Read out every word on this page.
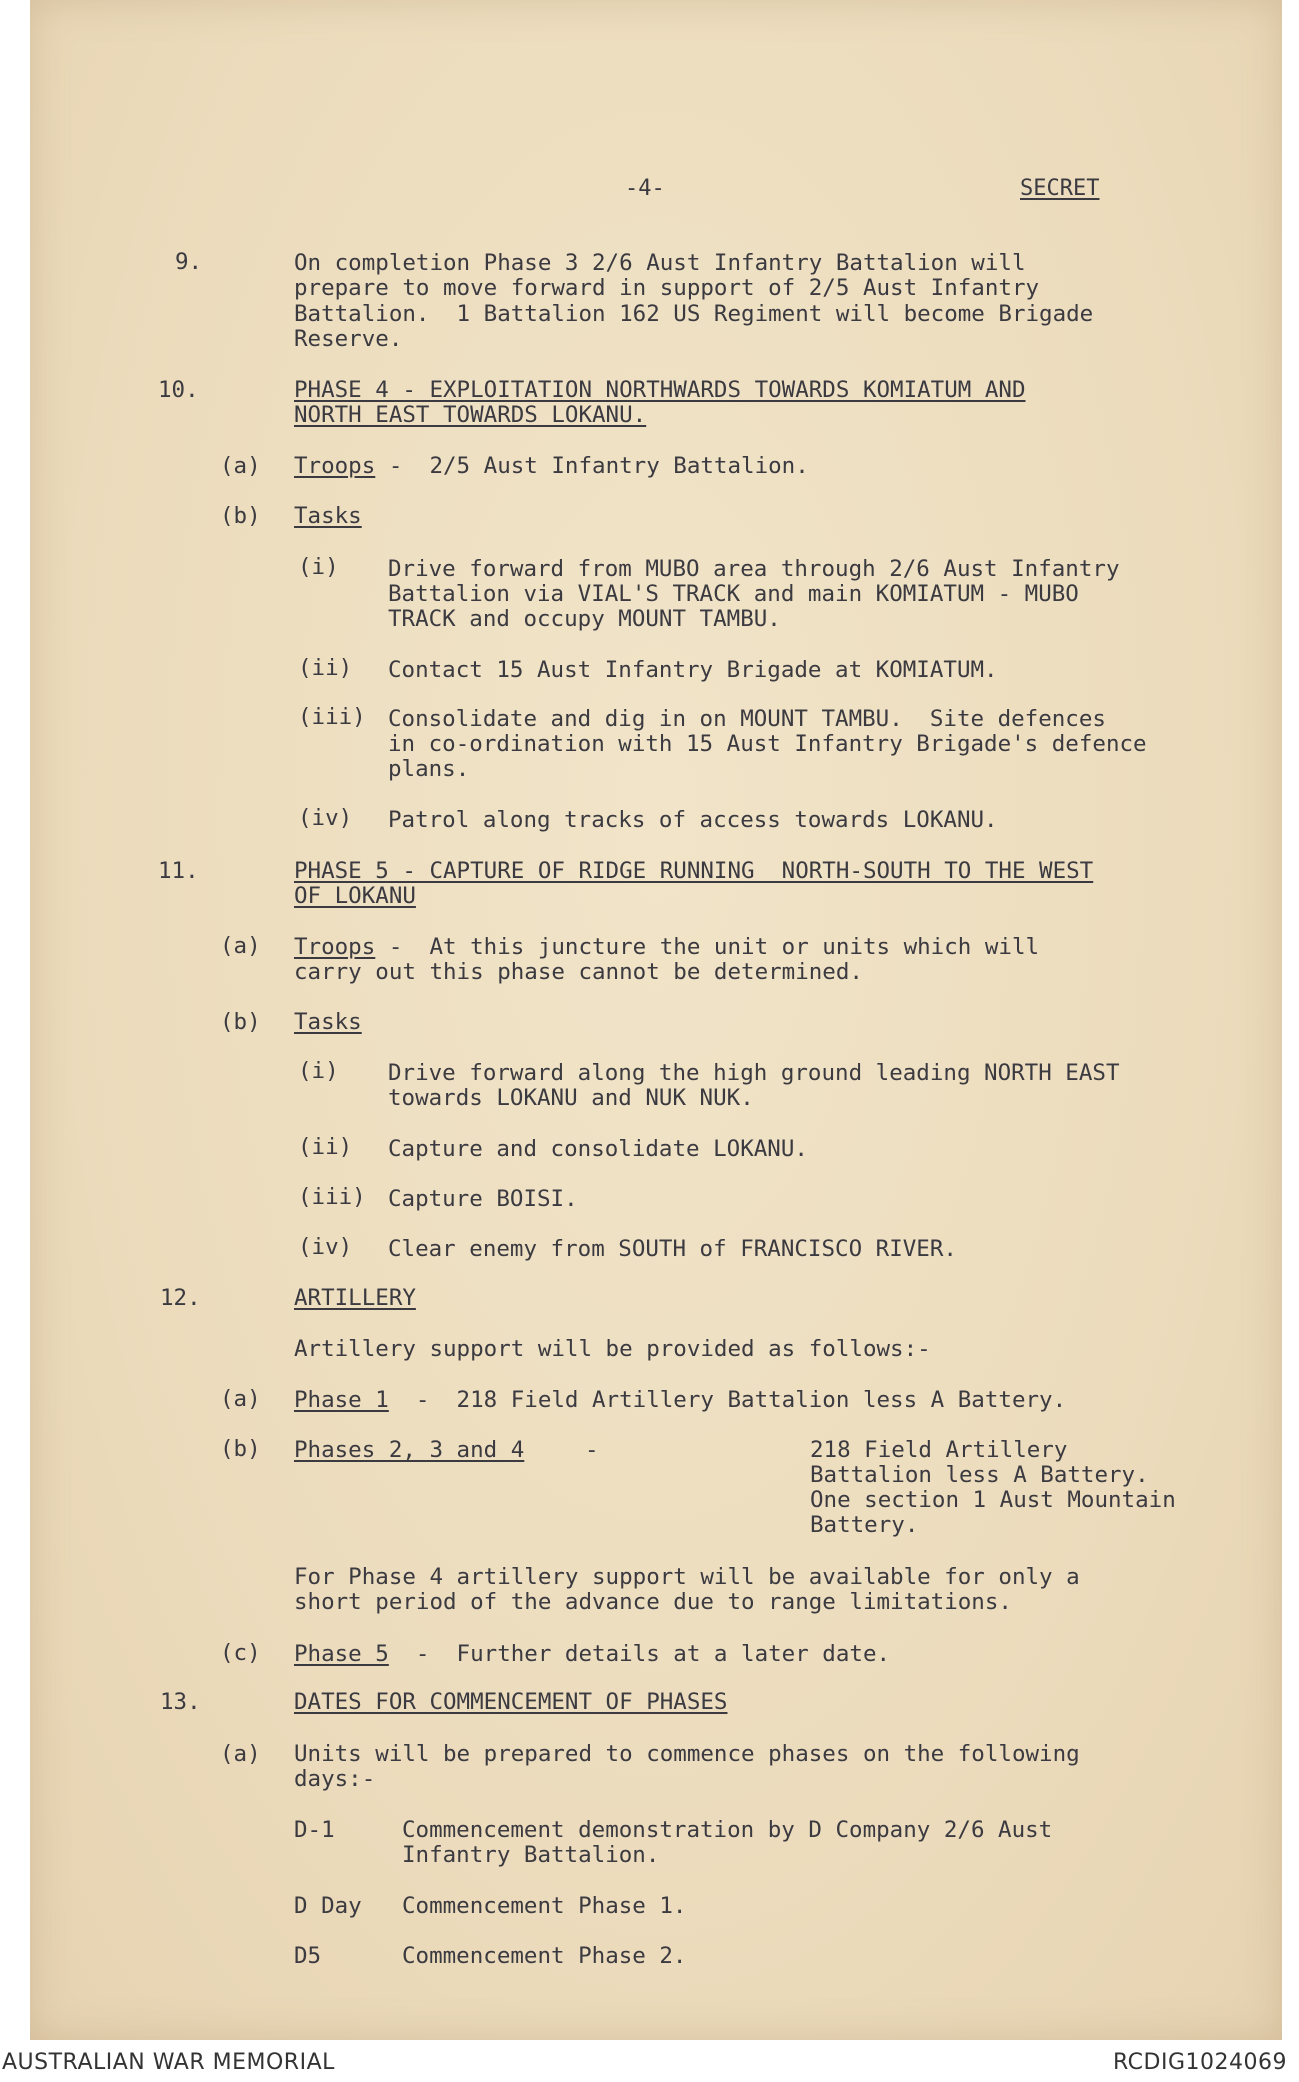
-4-	SECRET

9.	On completion Phase 3 2/6 Aust Infantry Battalion will

prepare to move forward in support of 2/5 Aust Infantry

Battalion.  1 Battalion 162 US Regiment will become Brigade

Reserve.

10.	PHASE 4 - EXPLOITATION NORTHWARDS TOWARDS KOMIATUM AND

NORTH EAST TOWARDS LOKANU.

(a) Troops -  2/5 Aust Infantry Battalion.

(b) Tasks

(i) Drive forward from MUBO area through 2/6 Aust Infantry

Battalion via VIAL'S TRACK and main KOMIATUM - MUBO

TRACK and occupy MOUNT TAMBU.

(ii) Contact 15 Aust Infantry Brigade at KOMIATUM.

(iii) Consolidate and dig in on MOUNT TAMBU.  Site defences

in co-ordination with 15 Aust Infantry Brigade's defence

plans.

(iv) Patrol along tracks of access towards LOKANU.

11.	PHASE 5 - CAPTURE OF RIDGE RUNNING  NORTH-SOUTH TO THE WEST

OF LOKANU

(a) Troops -  At this juncture the unit or units which will

carry out this phase cannot be determined.

(b) Tasks

(i) Drive forward along the high ground leading NORTH EAST

towards LOKANU and NUK NUK.

(ii) Capture and consolidate LOKANU.

(iii) Capture BOISI.

(iv) Clear enemy from SOUTH of FRANCISCO RIVER.

12.	ARTILLERY

Artillery support will be provided as follows:-

(a) Phase 1  -  218 Field Artillery Battalion less A Battery.

(b) Phases 2, 3 and 4	-	218 Field Artillery

Battalion less A Battery.

One section 1 Aust Mountain

Battery.

For Phase 4 artillery support will be available for only a

short period of the advance due to range limitations.

(c) Phase 5  -  Further details at a later date.

13.	DATES FOR COMMENCEMENT OF PHASES

(a) Units will be prepared to commence phases on the following

days:-

D-1	Commencement demonstration by D Company 2/6 Aust

Infantry Battalion.

D Day Commencement Phase 1.

D5	Commencement Phase 2.

AUSTRALIAN WAR MEMORIAL	RCDIG1024069
